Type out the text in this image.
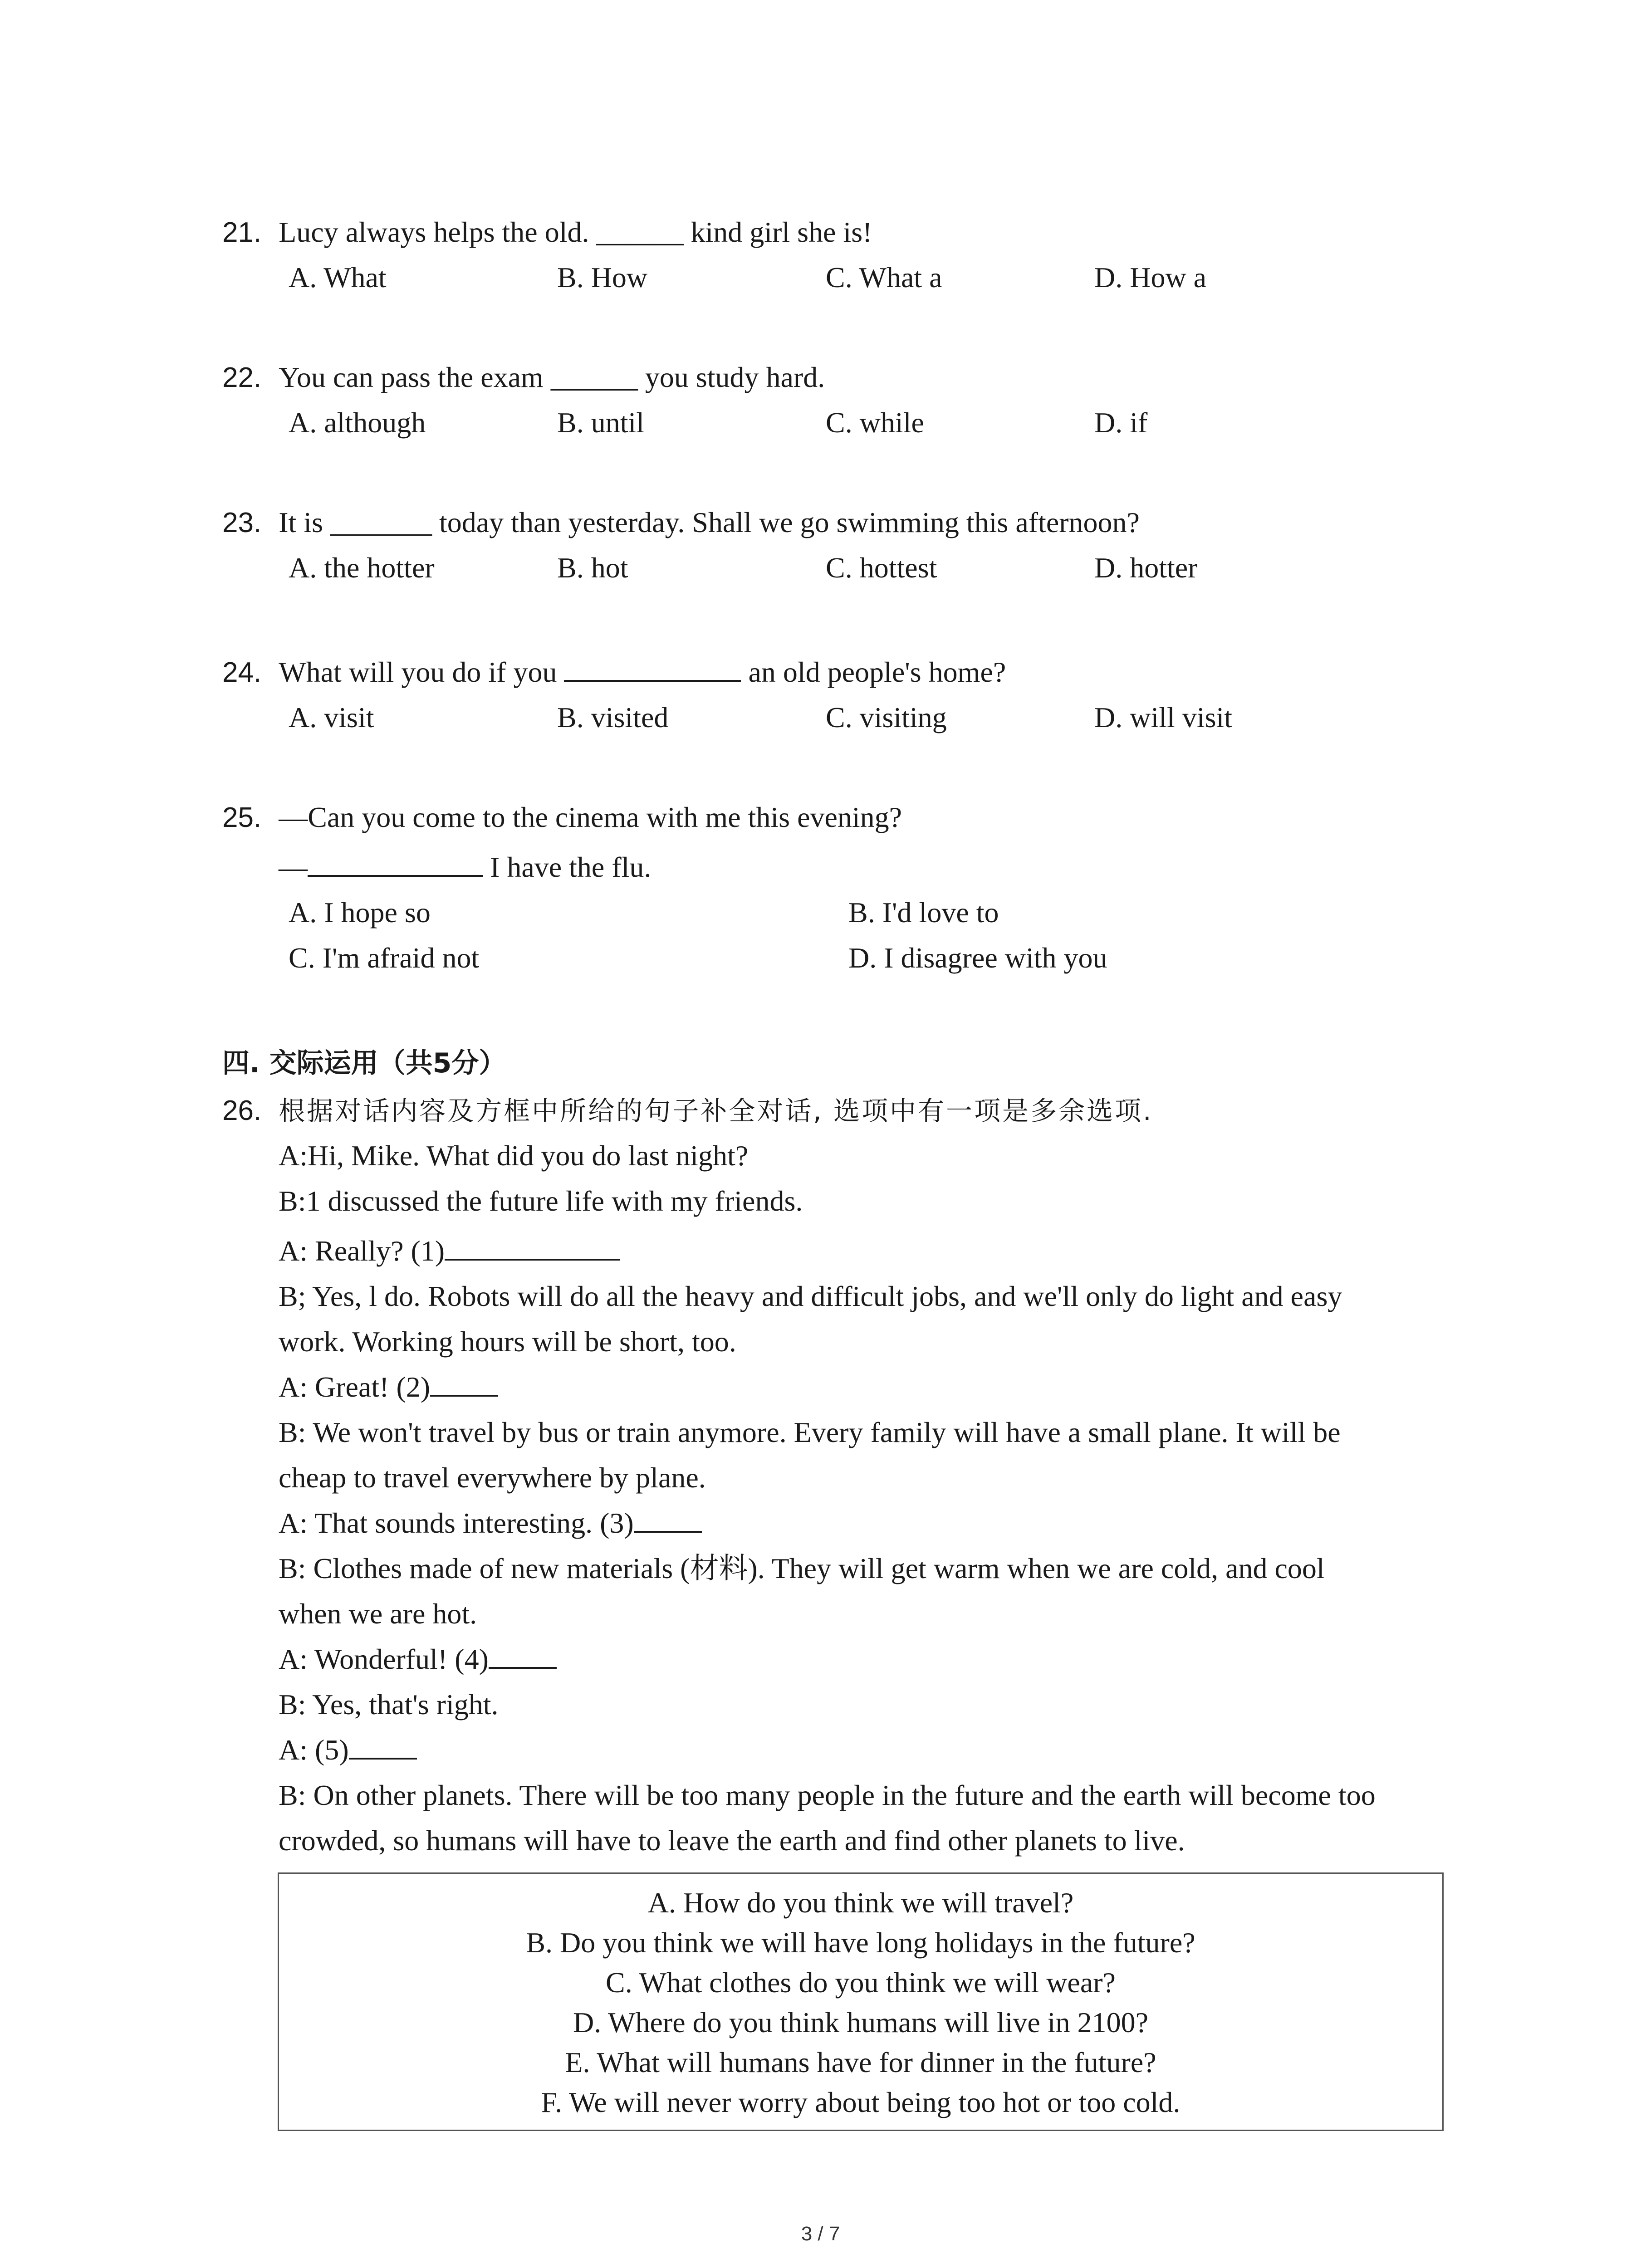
21. Lucy always helps the old. ______ kind girl she is!
A. What	B. How	C. What a	D. How a
22. You can pass the exam ______ you study hard.
A. although	B. until	C. while	D. if
23. It is _______ today than yesterday. Shall we go swimming this afternoon?
A. the hotter	B. hot	C. hottest	D. hotter
24. What will you do if you	an old people's home?
A. visit	B. visited	C. visiting	D. will visit
25. —Can you come to the cinema with me this evening?
—	I have the flu.
A. I hope so	B. I'd love to
C. I'm afraid not	D. I disagree with you
四. 交际运用（共5分）
26. 根据对话内容及方框中所给的句子补全对话, 选项中有一项是多余选项.
A:Hi, Mike. What did you do last night?
B:1 discussed the future life with my friends.
A: Really? (1)
B; Yes, l do. Robots will do all the heavy and difficult jobs, and we'll only do light and easy
work. Working hours will be short, too.
A: Great! (2)
B: We won't travel by bus or train anymore. Every family will have a small plane. It will be
cheap to travel everywhere by plane.
A: That sounds interesting. (3)
B: Clothes made of new materials (材料). They will get warm when we are cold, and cool
when we are hot.
A: Wonderful! (4)
B: Yes, that's right.
A: (5)
B: On other planets. There will be too many people in the future and the earth will become too
crowded, so humans will have to leave the earth and find other planets to live.
A. How do you think we will travel?
B. Do you think we will have long holidays in the future?
C. What clothes do you think we will wear?
D. Where do you think humans will live in 2100?
E. What will humans have for dinner in the future?
F. We will never worry about being too hot or too cold.
3 / 7
